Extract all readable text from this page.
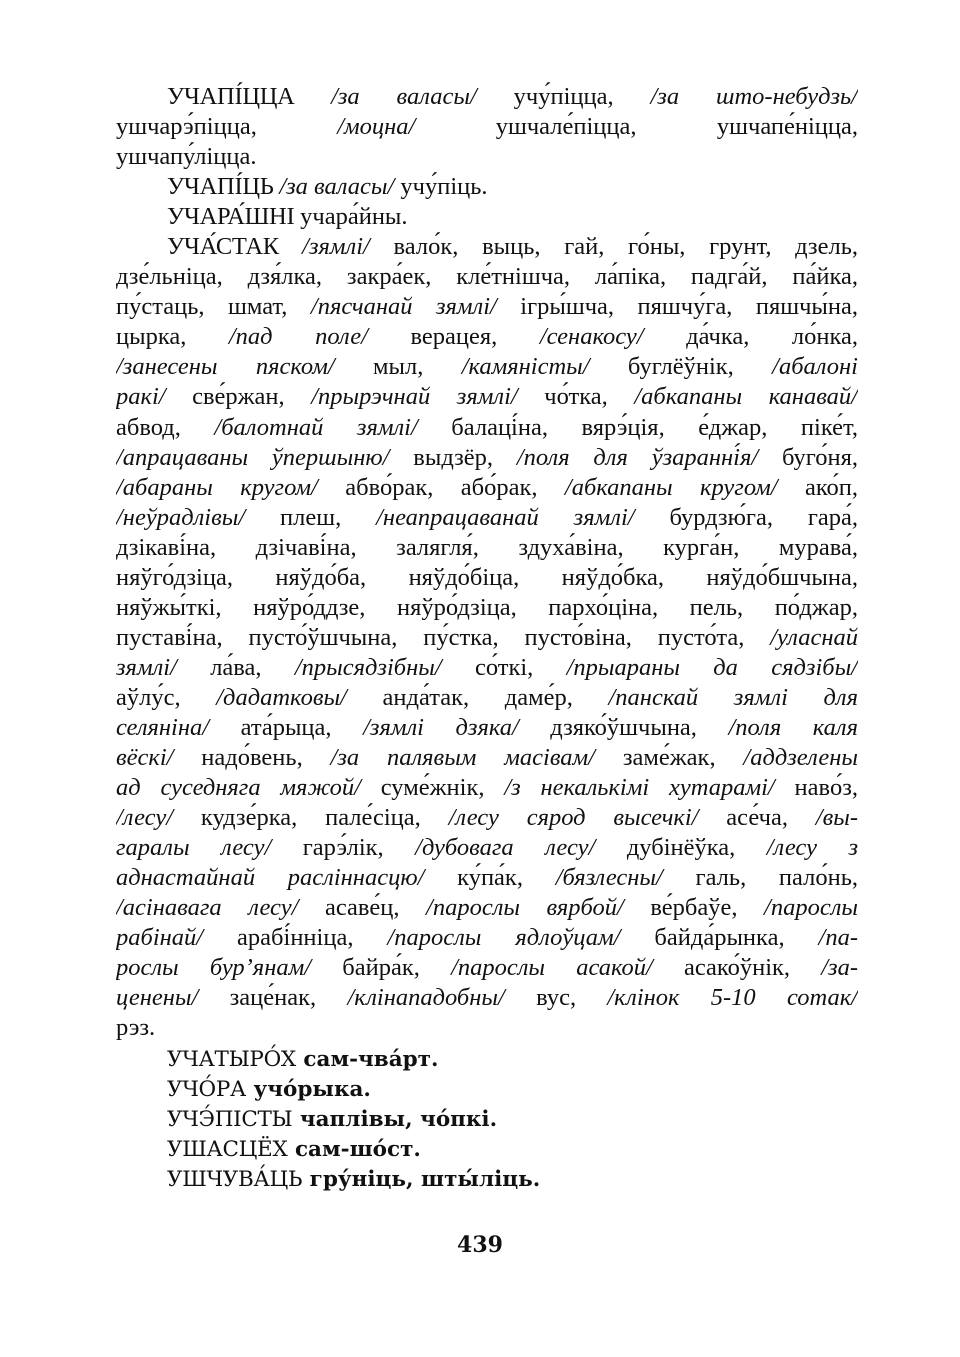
УЧАПІ́ЦЦА /за валасы/ учу́піцца, /за што-небудзь/
ушчарэ́піцца, /моцна/ ушчале́піцца, ушчапе́ніцца,
ушчапу́ліцца.
УЧАПІ́ЦЬ /за валасы/ учу́піць.
УЧАРА́ШНІ учара́йны.
УЧА́СТАК /зямлі/ вало́к, выць, гай, го́ны, грунт, дзель,
дзе́льніца, дзя́лка, закра́ек, кле́тнішча, ла́піка, падга́й, па́йка,
пу́стаць, шмат, /пясчанай зямлі/ ігры́шча, пяшчу́га, пяшчы́на,
цырка, /пад поле/ верацея, /сенакосу/ да́чка, ло́нка,
/занесены пяском/ мыл, /камяністы/ буглёўнік, /абалоні
ракі/ све́ржан, /прырэчнай зямлі/ чо́тка, /абкапаны канавай/
абвод, /балотнай зямлі/ балаці́на, вярэ́ція, е́джар, піке́т,
/апрацаваны ўпершыню/ выдзёр, /поля для ўзаранні́я/ буго́ня,
/абараны кругом/ абво́рак, або́рак, /абкапаны кругом/ ако́п,
/неўрадлівы/ плеш, /неапрацаванай зямлі/ бурдзю́га, гара́,
дзікаві́на, дзічаві́на, залягля́, здуха́віна, курга́н, мурава́,
няўго́дзіца, няўдо́ба, няўдо́біца, няўдо́бка, няўдо́бшчына,
няўжы́ткі, няўро́ддзе, няўро́дзіца, пархо́ціна, пель, по́джар,
пуставі́на, пусто́ўшчына, пу́стка, пусто́віна, пусто́та, /уласнай
зямлі/ ла́ва, /прысядзібны/ со́ткі, /прыараны да сядзібы/
аўлу́с, /дадатковы/ анда́так, даме́р, /панскай зямлі для
селяніна/ ата́рыца, /зямлі дзяка/ дзяко́ўшчына, /поля каля
вёскі/ надо́вень, /за палявым масівам/ заме́жак, /аддзелены
ад суседняга мяжой/ суме́жнік, /з некалькімі хутарамі/ наво́з,
/лесу/ кудзе́рка, пале́сіца, /лесу сярод высечкі/ асе́ча, /вы-
гаралы лесу/ гарэ́лік, /дубовага лесу/ дубінёўка, /лесу з
аднастайнай расліннасцю/ ку́па́к, /бязлесны/ галь, пало́нь,
/асінавага лесу/ асаве́ц, /парослы вярбой/ ве́рбаўе, /парослы
рабінай/ арабі́нніца, /парослы ядлоўцам/ байда́рынка, /па-
рослы бур’янам/ байра́к, /парослы асакой/ асако́ўнік, /за-
ценены/ заце́нак, /клінападобны/ вус, /клінок 5-10 сотак/
рэз.
УЧАТЫРО́Х сам-чва́рт.
УЧО́РА учо́рыка.
УЧЭ́ПІСТЫ чаплівы, чо́пкі.
УШАСЦЁХ сам-шо́ст.
УШЧУВА́ЦЬ гру́ніць, шты́ліць.
439
